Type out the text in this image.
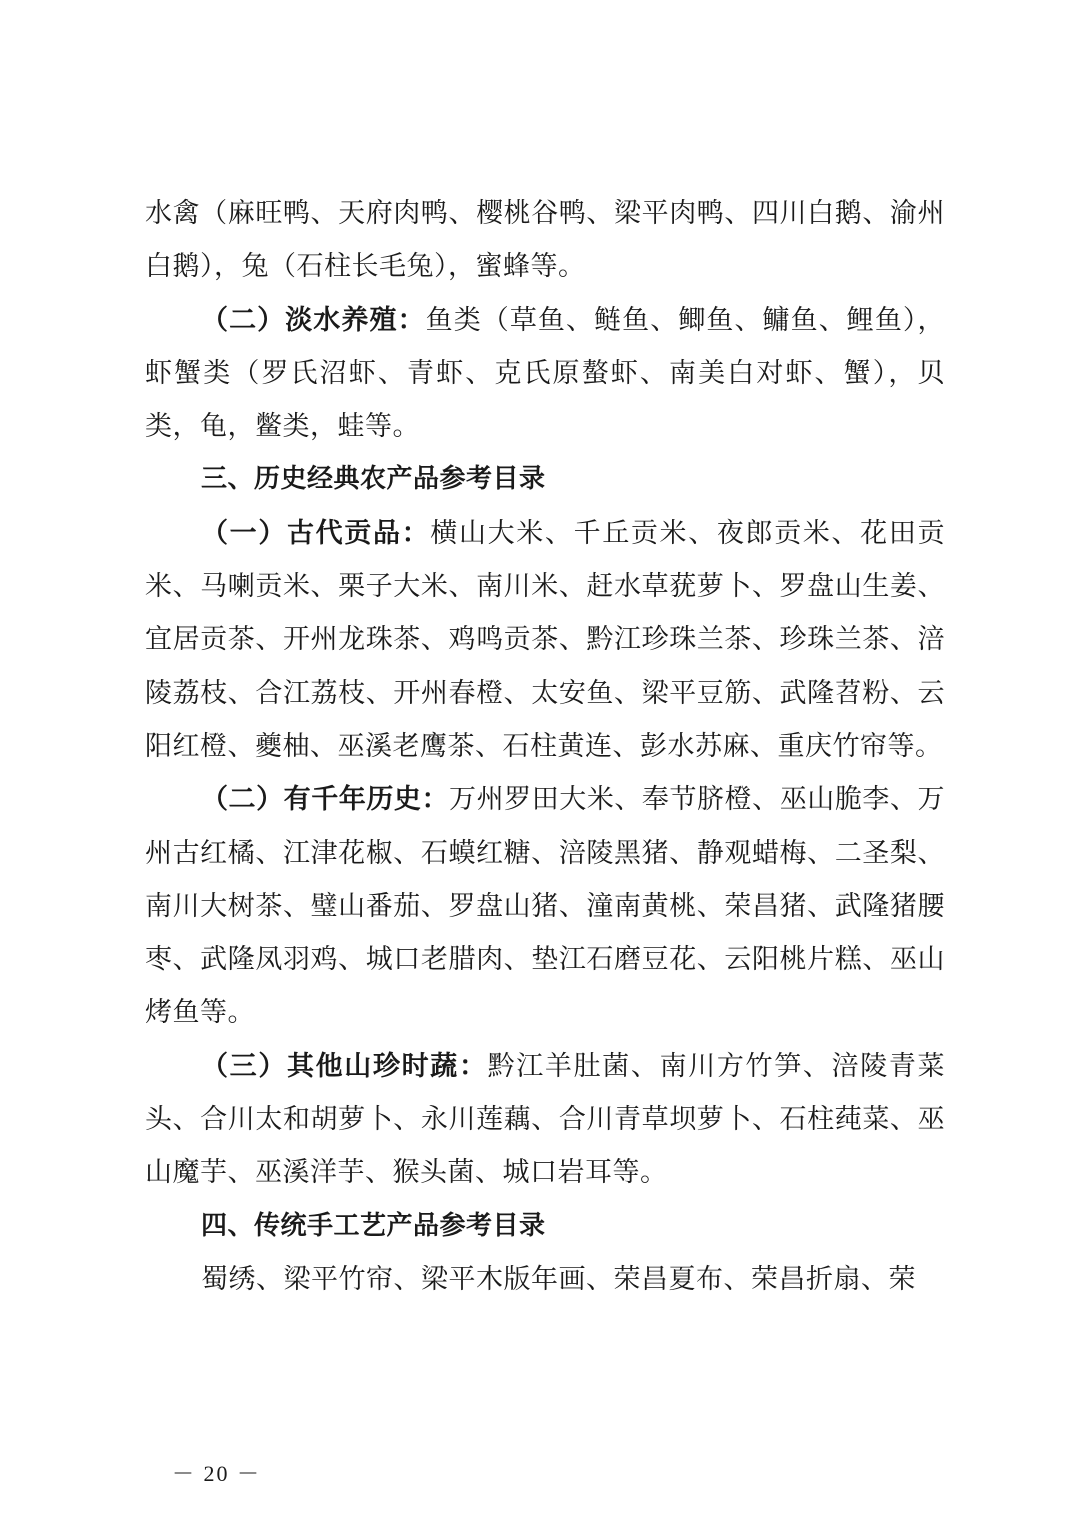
水禽（麻旺鸭、天府肉鸭、樱桃谷鸭、梁平肉鸭、四川白鹅、渝州白鹅），兔（石柱长毛兔），蜜蜂等。

（二）淡水养殖：鱼类（草鱼、鲢鱼、鲫鱼、鳙鱼、鲤鱼），虾蟹类（罗氏沼虾、青虾、克氏原螯虾、南美白对虾、蟹），贝类，龟，鳖类，蛙等。

三、历史经典农产品参考目录

（一）古代贡品：横山大米、千丘贡米、夜郎贡米、花田贡米、马喇贡米、栗子大米、南川米、赶水草莸萝卜、罗盘山生姜、宜居贡茶、开州龙珠茶、鸡鸣贡茶、黔江珍珠兰茶、珍珠兰茶、涪陵荔枝、合江荔枝、开州春橙、太安鱼、梁平豆筋、武隆苕粉、云阳红橙、夔柚、巫溪老鹰茶、石柱黄连、彭水苏麻、重庆竹帘等。

（二）有千年历史：万州罗田大米、奉节脐橙、巫山脆李、万州古红橘、江津花椒、石蟆红糖、涪陵黑猪、静观蜡梅、二圣梨、南川大树茶、璧山番茄、罗盘山猪、潼南黄桃、荣昌猪、武隆猪腰枣、武隆凤羽鸡、城口老腊肉、垫江石磨豆花、云阳桃片糕、巫山烤鱼等。

（三）其他山珍时蔬：黔江羊肚菌、南川方竹笋、涪陵青菜头、合川太和胡萝卜、永川莲藕、合川青草坝萝卜、石柱莼菜、巫山魔芋、巫溪洋芋、猴头菌、城口岩耳等。

四、传统手工艺产品参考目录

蜀绣、梁平竹帘、梁平木版年画、荣昌夏布、荣昌折扇、荣

－ 20 －
